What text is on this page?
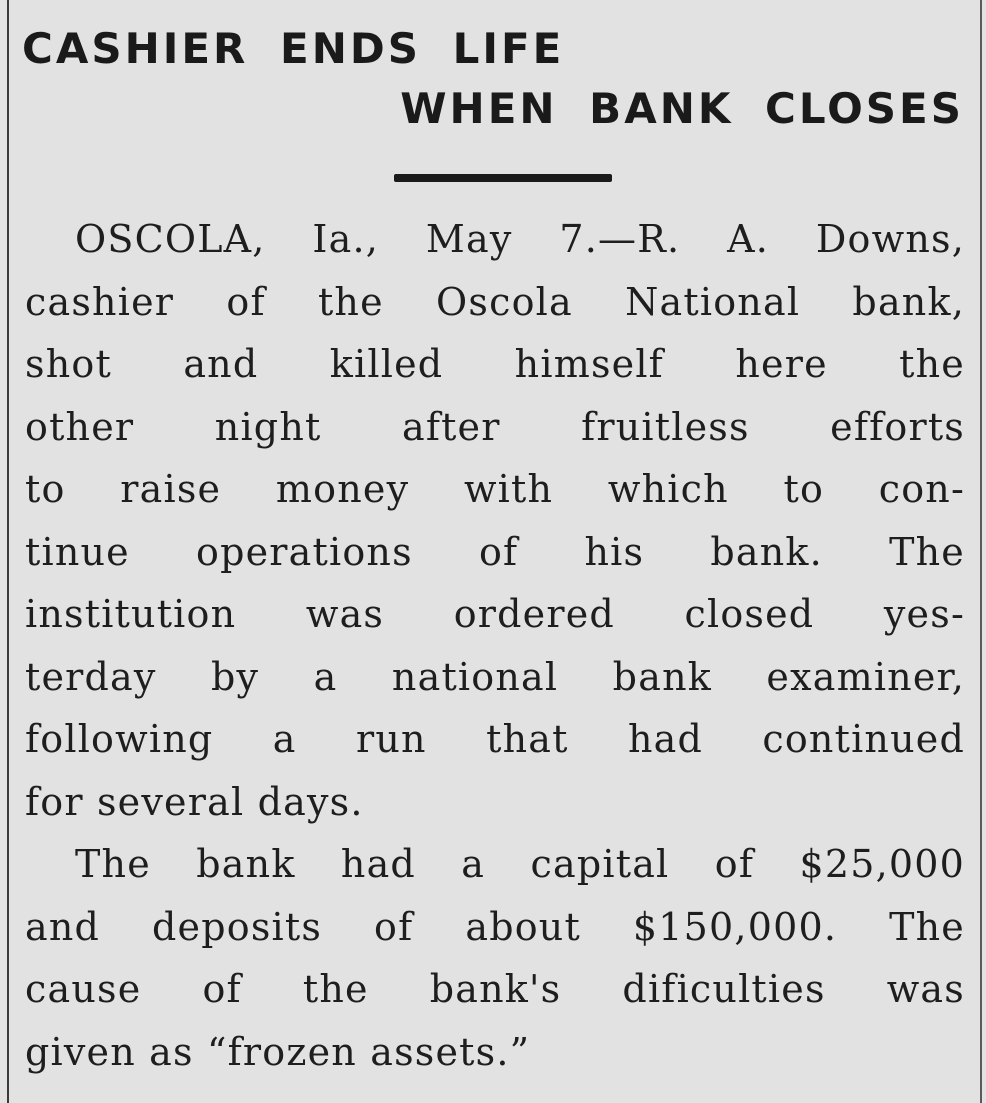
CASHIER ENDS LIFE
WHEN BANK CLOSES
OSCOLA, Ia., May 7.—R. A. Downs,
cashier of the Oscola National bank,
shot and killed himself here the
other night after fruitless efforts
to raise money with which to con-
tinue operations of his bank. The
institution was ordered closed yes-
terday by a national bank examiner,
following a run that had continued
for several days.
The bank had a capital of $25,000
and deposits of about $150,000. The
cause of the bank's dificulties was
given as “frozen assets.”
